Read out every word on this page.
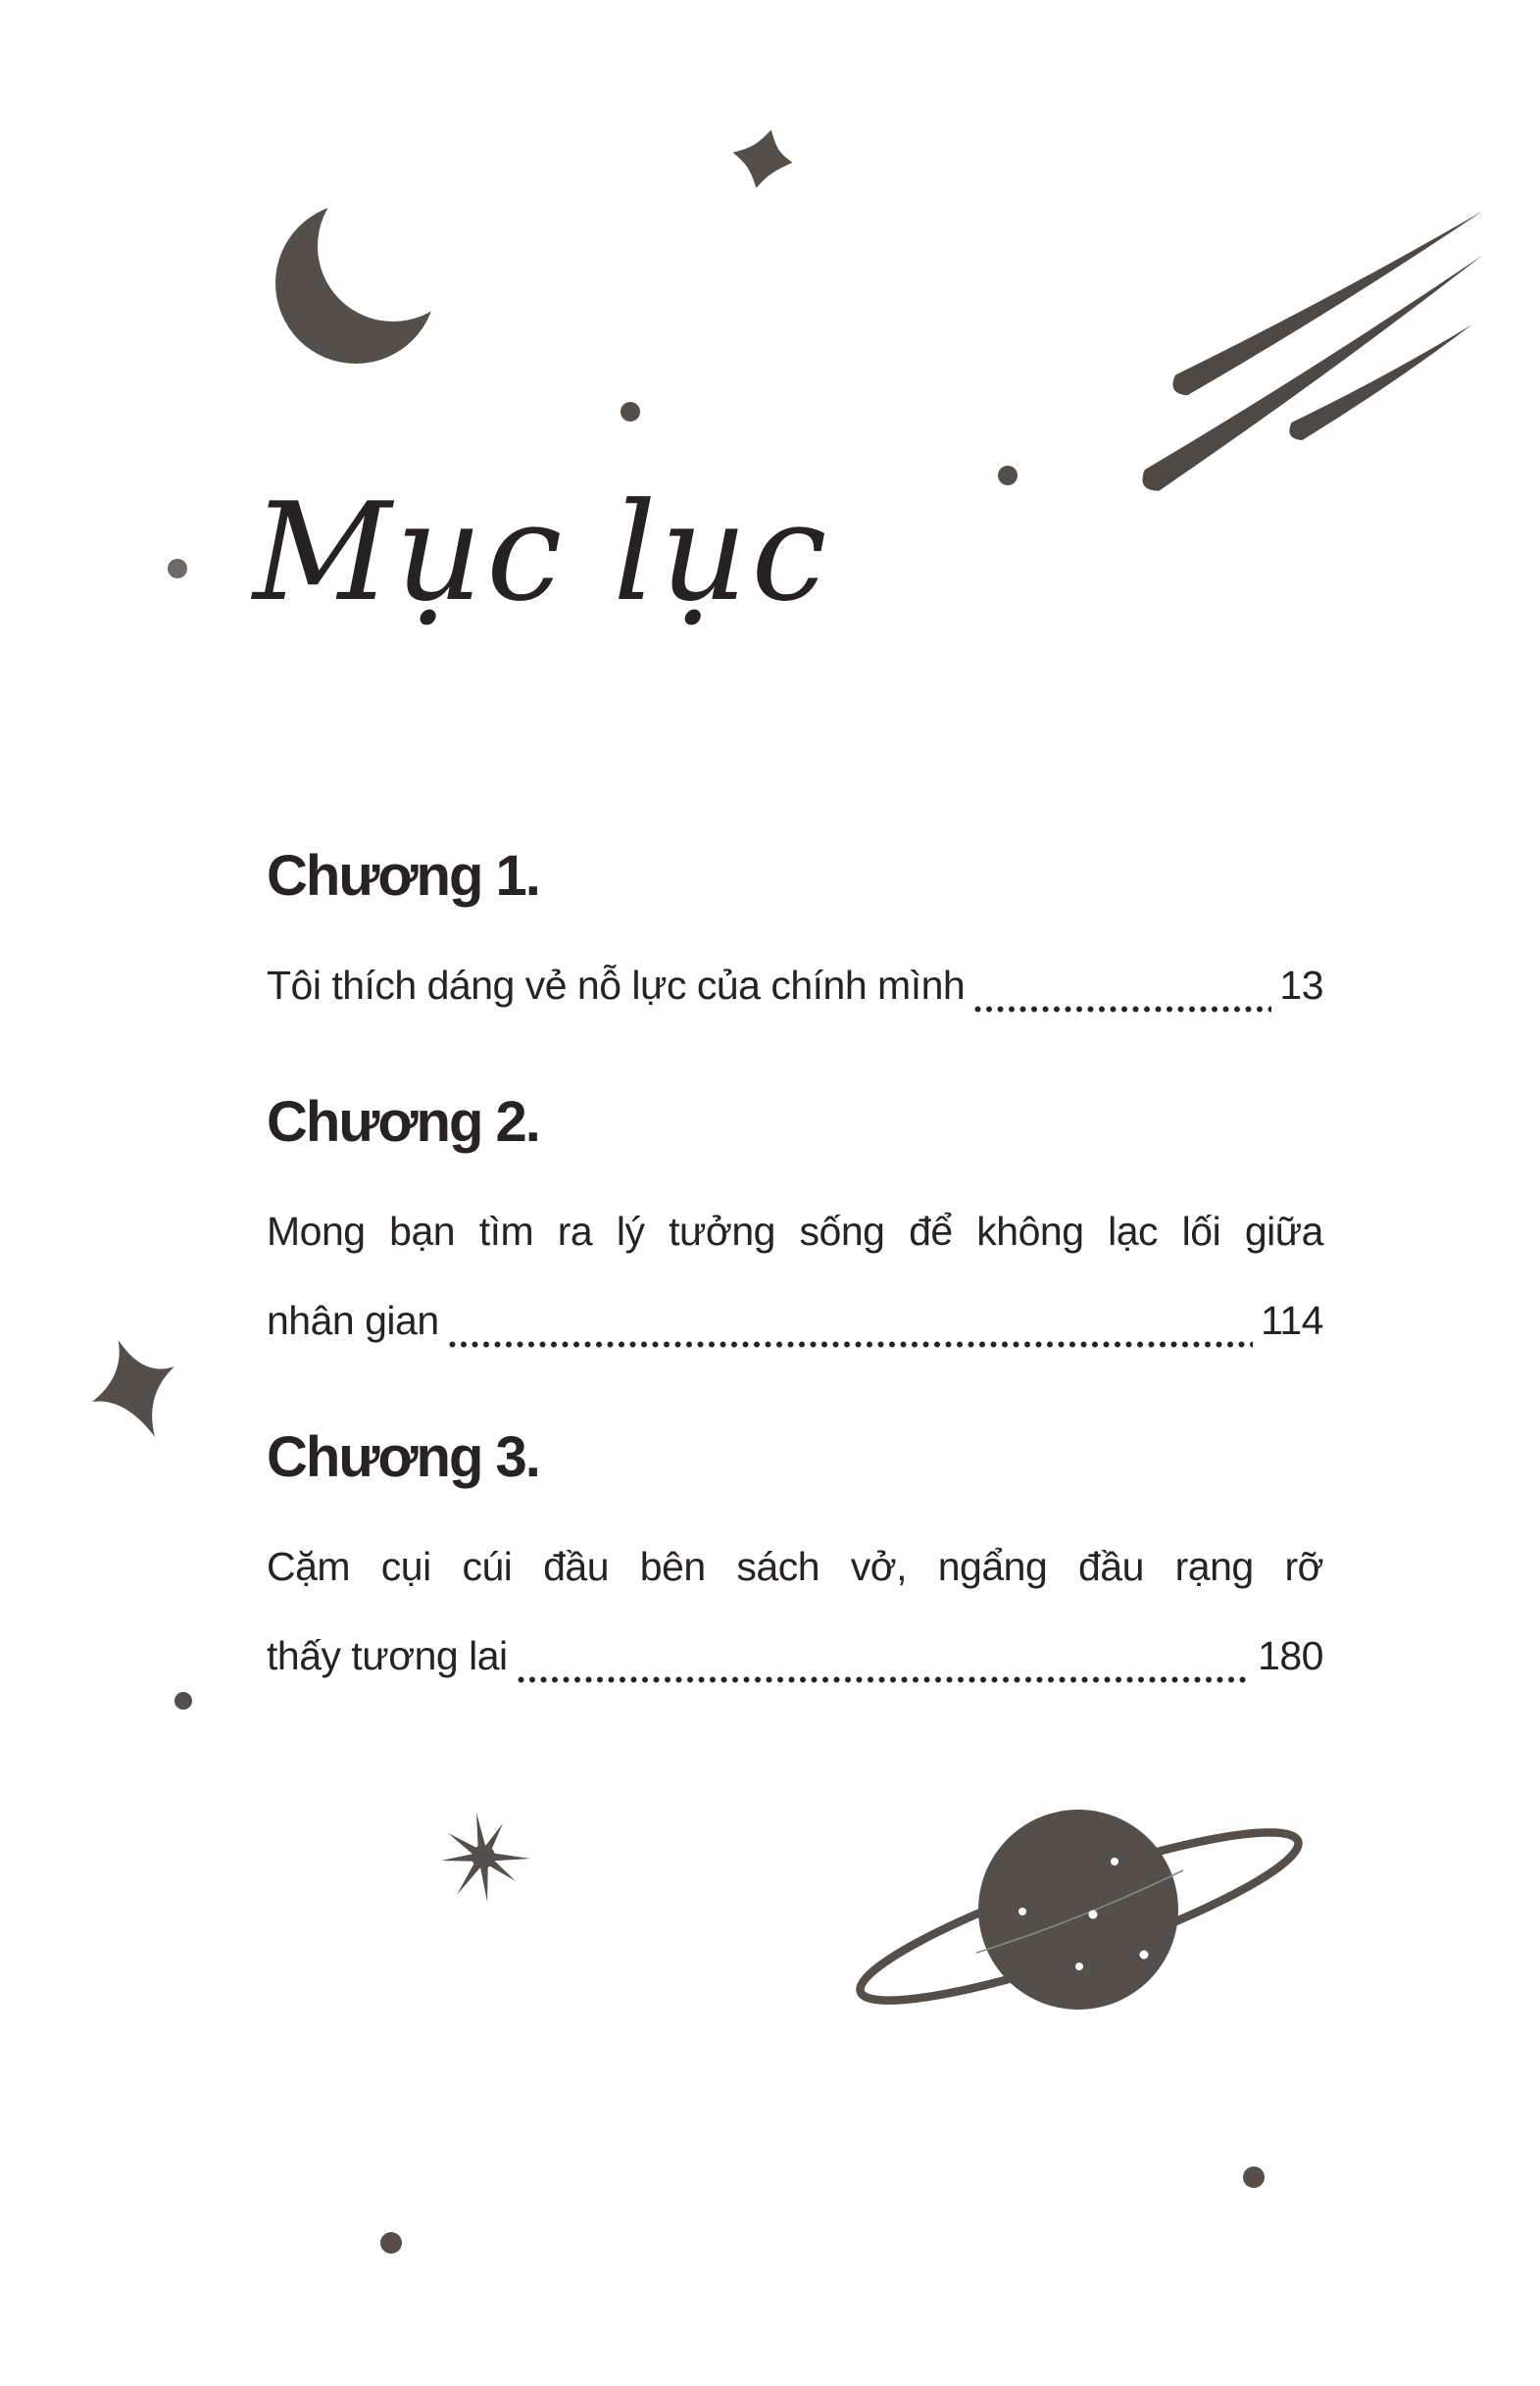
Mục lục
Chương 1.
Tôi thích dáng vẻ nỗ lực của chính mình	13
Chương 2.
Mong bạn tìm ra lý tưởng sống để không lạc lối giữa
nhân gian	114
Chương 3.
Cặm cụi cúi đầu bên sách vở, ngẩng đầu rạng rỡ
thấy tương lai	180
